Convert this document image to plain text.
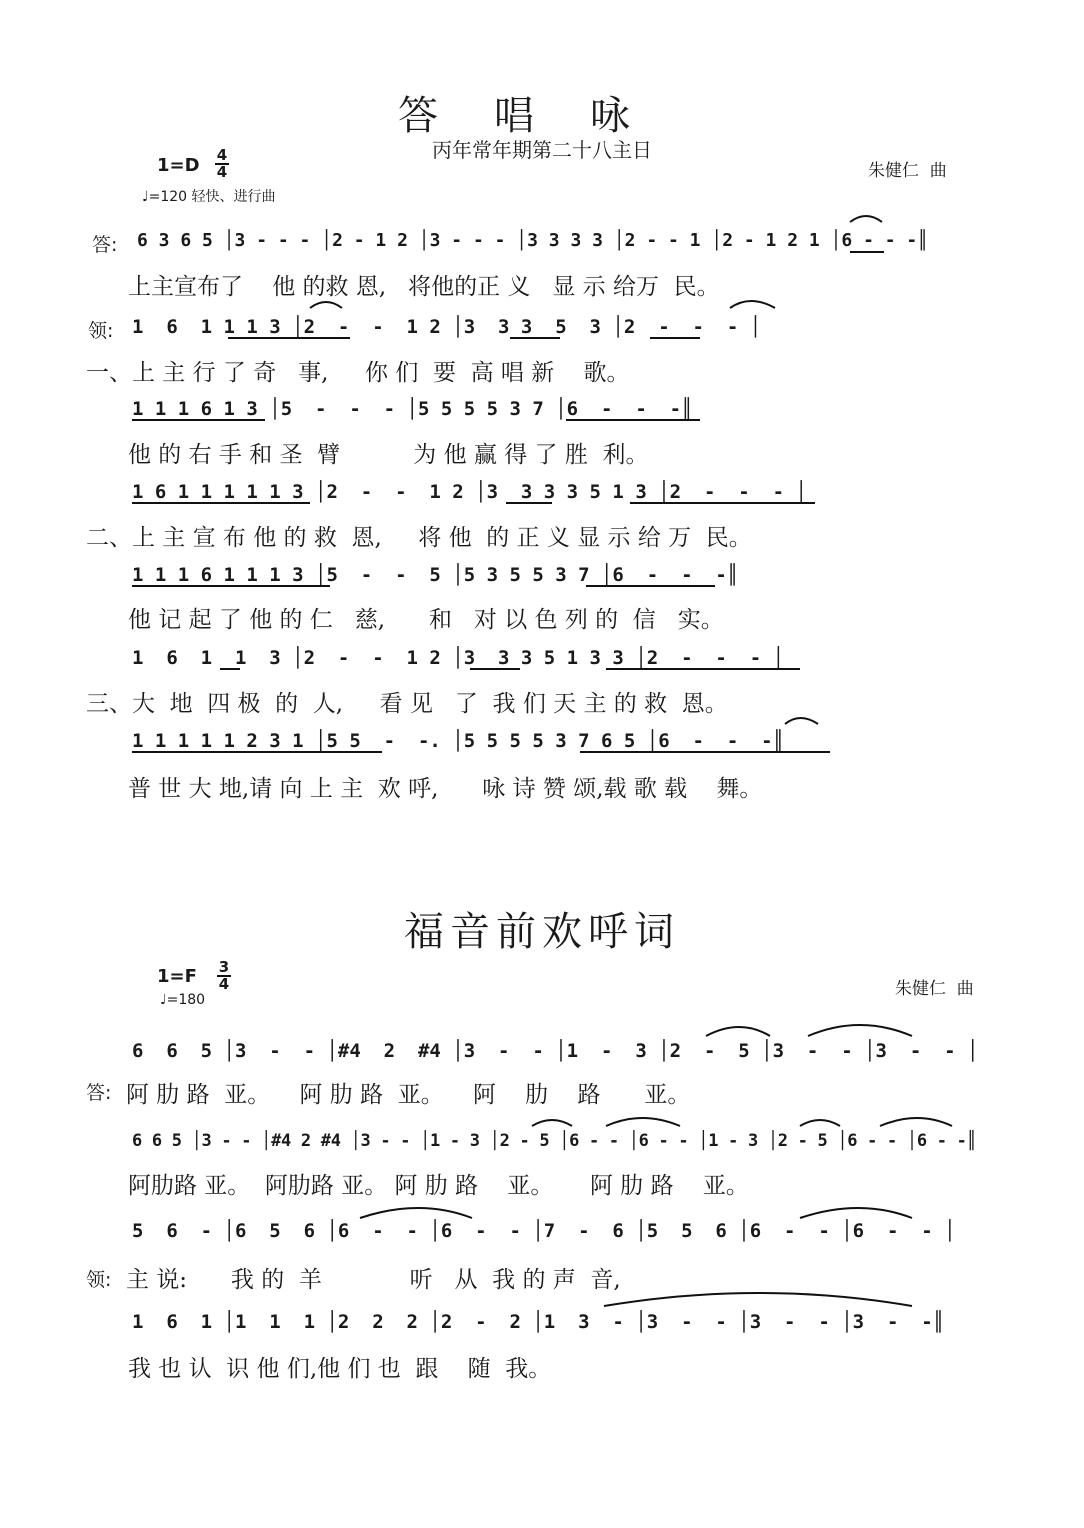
答唱咏
丙年常年期第二十八主日
朱健仁  曲
$1=D \frac{4}{4}$
♩=120 轻快、进行曲
答: 6 3 6 5 │3 - - - │2 - 1 2 │3 - - - │3 3 3 3 │2 - - 1 │2 - 1 2 1 │6 - - -║
上主宣布了    他 的救 恩,   将他的正 义   显 示 给万  民。
领: 1  6  1 1 1 3 │2  -  -  1 2 │3  3 3  5  3 │2  -  -  - │
一、上 主 行 了 奇   事,     你 们  要  高 唱 新    歌。
1 1 1 6 1 3 │5  -  -  - │5 5 5 5 3 7 │6  -  -  -║
他 的 右 手 和 圣  臂          为 他 赢 得 了 胜  利。
1 6 1 1 1 1 1 3 │2  -  -  1 2 │3  3 3 3 5 1 3 │2  -  -  - │
二、上 主 宣 布 他 的 救  恩,     将 他  的 正 义 显 示 给 万  民。
1 1 1 6 1 1 1 3 │5  -  -  5 │5 3 5 5 3 7 │6  -  -  -║
他 记 起 了 他 的 仁   慈,      和   对 以 色 列 的  信   实。
1  6  1  1  3 │2  -  -  1 2 │3  3 3 5 1 3 3 │2  -  -  - │
三、大  地  四 极  的  人,     看 见   了  我 们 天 主 的 救  恩。
1 1 1 1 1 2 3 1 │5 5  -  -. │5 5 5 5 3 7 6 5 │6  -  -  -║
普 世 大 地,请 向 上 主  欢 呼,      咏 诗 赞 颂,载 歌 载    舞。
福音前欢呼词
朱健仁  曲
$1=F \frac{3}{4}$
♩=180
6  6  5 │3  -  - │#4  2  #4 │3  -  - │1  -  3 │2  -  5 │3  -  - │3  -  - │
答: 阿 肋 路  亚。    阿 肋 路  亚。    阿    肋    路      亚。
6 6 5 │3 - - │#4 2 #4 │3 - - │1 - 3 │2 - 5 │6 - - │6 - - │1 - 3 │2 - 5 │6 - - │6 - -║
阿肋路 亚。  阿肋路 亚。 阿 肋 路    亚。     阿 肋 路    亚。
5  6  - │6  5  6 │6  -  - │6  -  - │7  -  6 │5  5  6 │6  -  - │6  -  - │
领: 主 说:      我 的  羊            听   从  我 的 声  音,
1  6  1 │1  1  1 │2  2  2 │2  -  2 │1  3  - │3  -  - │3  -  - │3  -  -║
我 也 认  识 他 们,他 们 也  跟    随  我。
